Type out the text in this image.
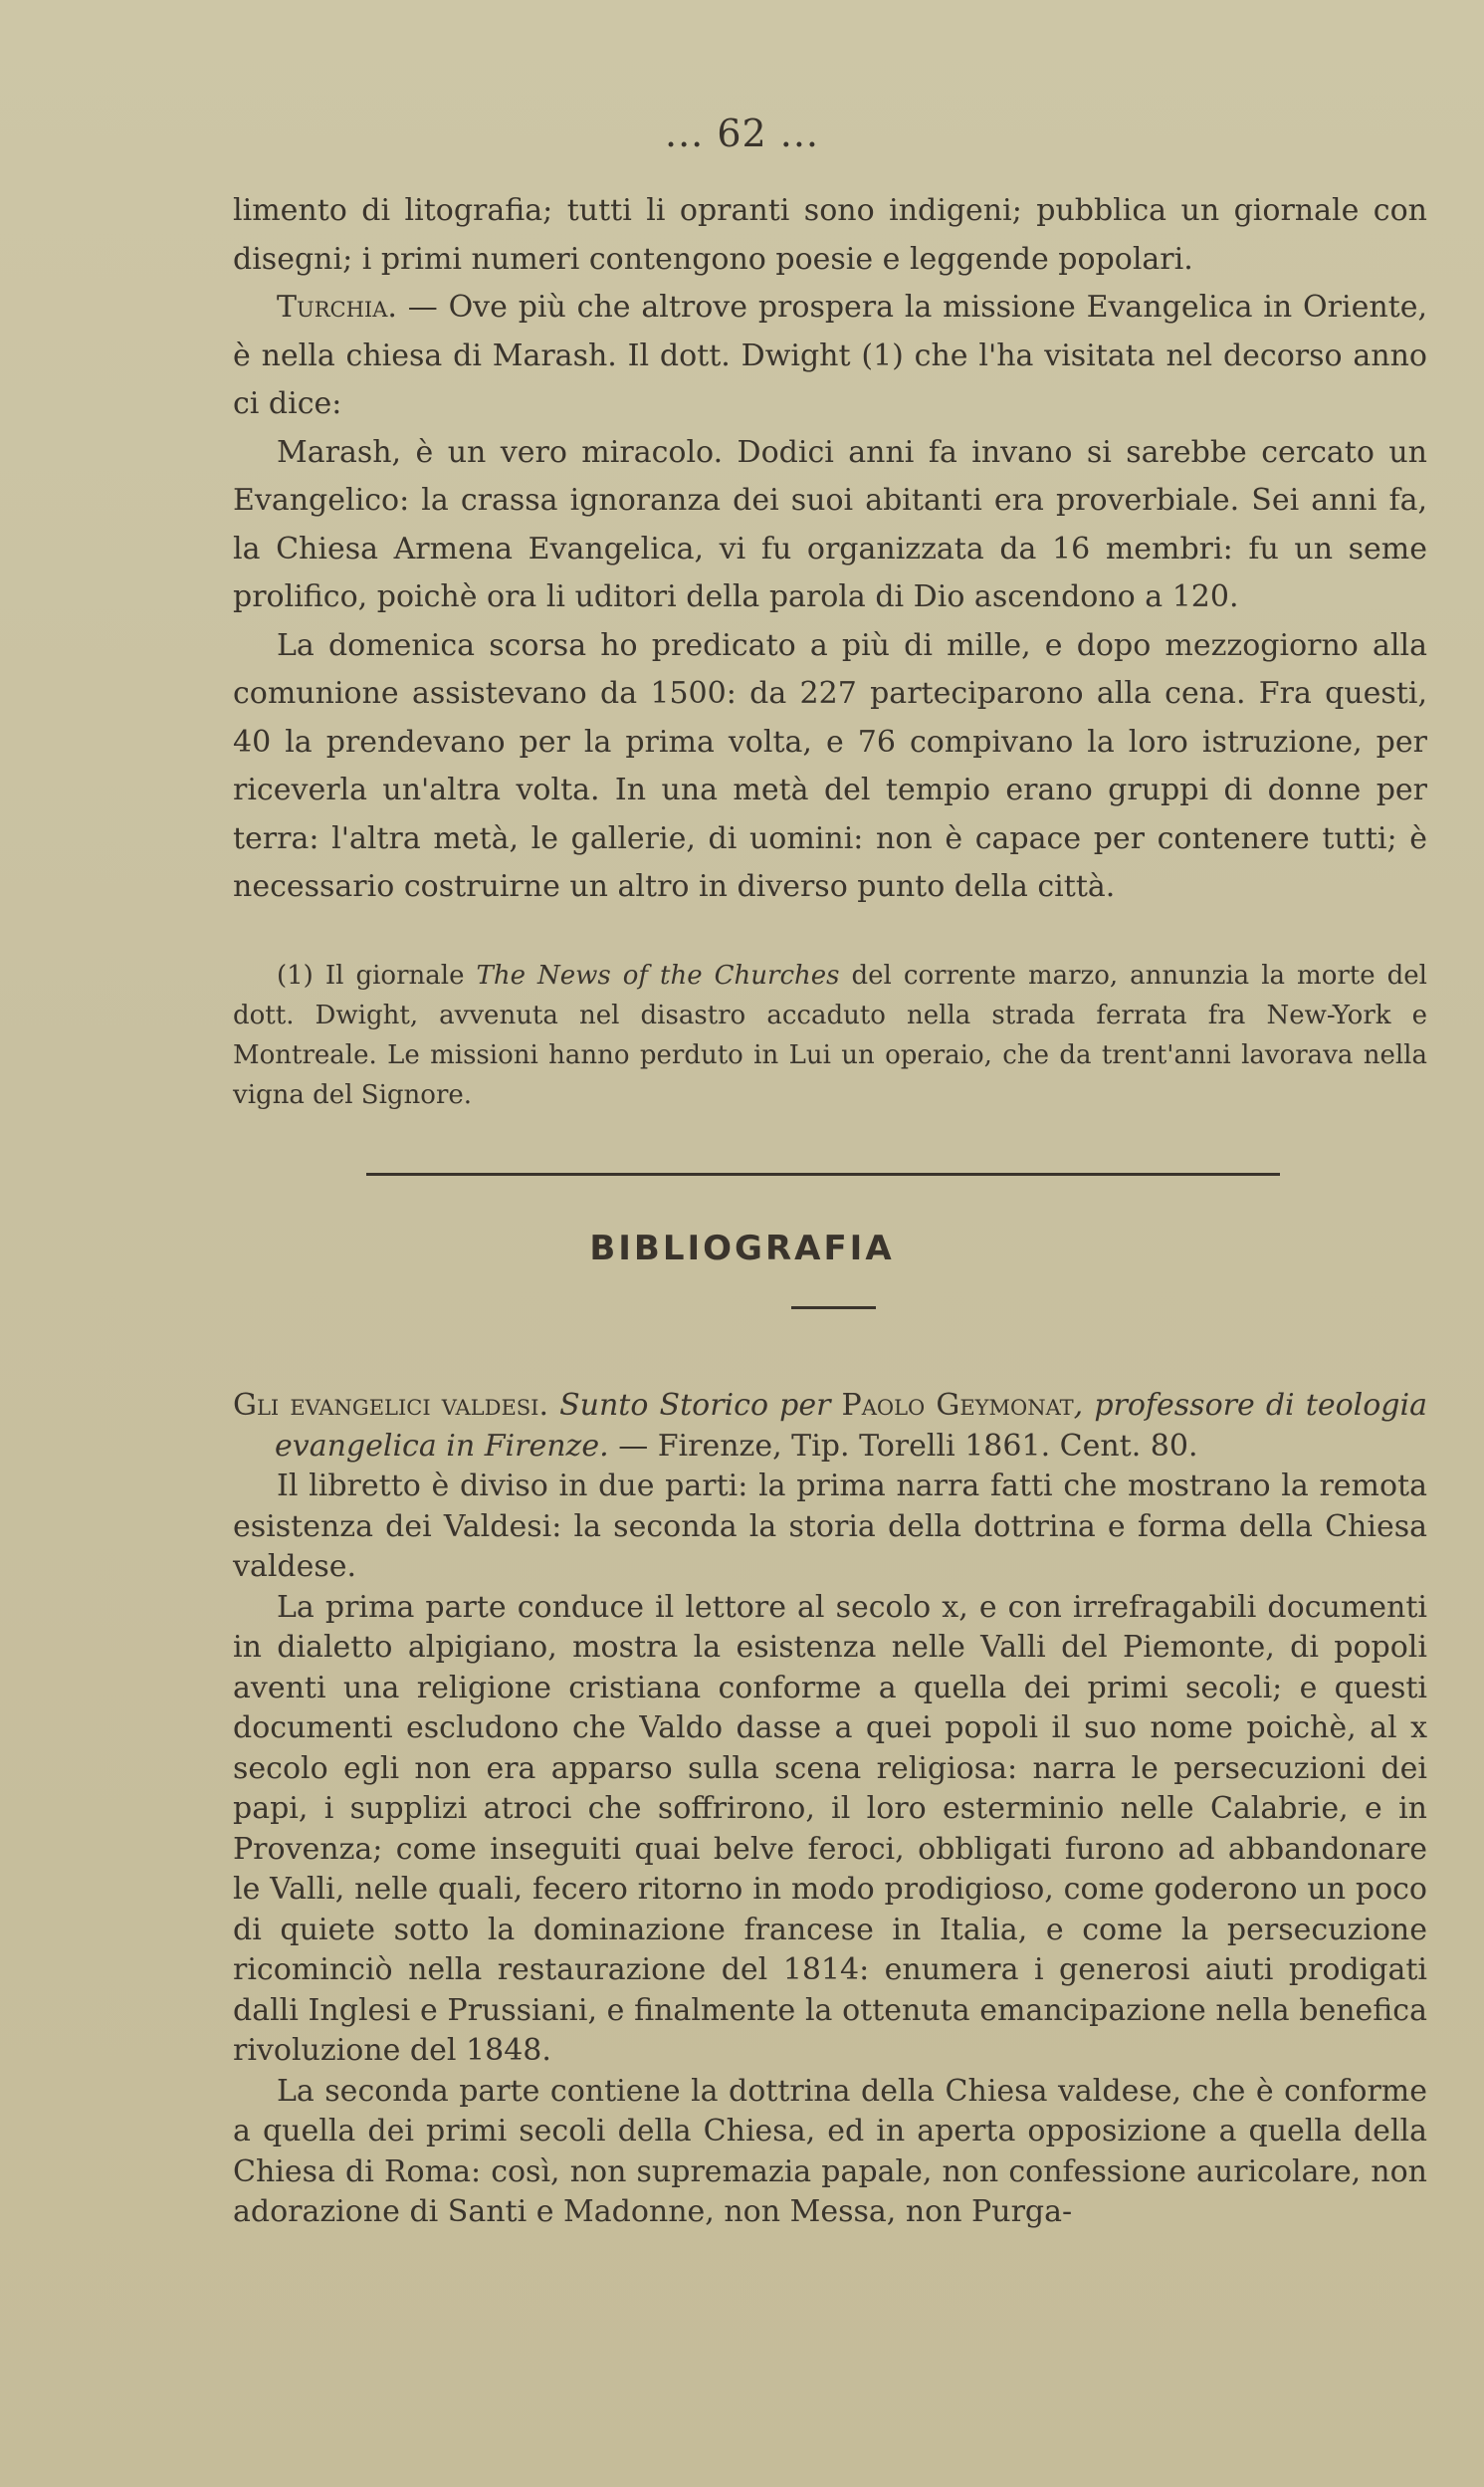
... 62 ...

limento di litografia; tutti li opranti sono indigeni; pubblica un giornale con disegni; i primi numeri contengono poesie e leggende popolari.

Turchia. — Ove più che altrove prospera la missione Evangelica in Oriente, è nella chiesa di Marash. Il dott. Dwight (1) che l'ha visitata nel decorso anno ci dice:

Marash, è un vero miracolo. Dodici anni fa invano si sarebbe cercato un Evangelico: la crassa ignoranza dei suoi abitanti era proverbiale. Sei anni fa, la Chiesa Armena Evangelica, vi fu organizzata da 16 membri: fu un seme prolifico, poichè ora li uditori della parola di Dio ascendono a 120.

La domenica scorsa ho predicato a più di mille, e dopo mezzogiorno alla comunione assistevano da 1500: da 227 parteciparono alla cena. Fra questi, 40 la prendevano per la prima volta, e 76 compivano la loro istruzione, per riceverla un'altra volta. In una metà del tempio erano gruppi di donne per terra: l'altra metà, le gallerie, di uomini: non è capace per contenere tutti; è necessario costruirne un altro in diverso punto della città.

(1) Il giornale The News of the Churches del corrente marzo, annunzia la morte del dott. Dwight, avvenuta nel disastro accaduto nella strada ferrata fra New-York e Montreale. Le missioni hanno perduto in Lui un operaio, che da trent'anni lavorava nella vigna del Signore.

BIBLIOGRAFIA

Gli evangelici valdesi. Sunto Storico per Paolo Geymonat, professore di teologia evangelica in Firenze. — Firenze, Tip. Torelli 1861. Cent. 80.

Il libretto è diviso in due parti: la prima narra fatti che mostrano la remota esistenza dei Valdesi: la seconda la storia della dottrina e forma della Chiesa valdese.

La prima parte conduce il lettore al secolo x, e con irrefragabili documenti in dialetto alpigiano, mostra la esistenza nelle Valli del Piemonte, di popoli aventi una religione cristiana conforme a quella dei primi secoli; e questi documenti escludono che Valdo dasse a quei popoli il suo nome poichè, al x secolo egli non era apparso sulla scena religiosa: narra le persecuzioni dei papi, i supplizi atroci che soffrirono, il loro esterminio nelle Calabrie, e in Provenza; come inseguiti quai belve feroci, obbligati furono ad abbandonare le Valli, nelle quali, fecero ritorno in modo prodigioso, come goderono un poco di quiete sotto la dominazione francese in Italia, e come la persecuzione ricominciò nella restaurazione del 1814: enumera i generosi aiuti prodigati dalli Inglesi e Prussiani, e finalmente la ottenuta emancipazione nella benefica rivoluzione del 1848.

La seconda parte contiene la dottrina della Chiesa valdese, che è conforme a quella dei primi secoli della Chiesa, ed in aperta opposizione a quella della Chiesa di Roma: così, non supremazia papale, non confessione auricolare, non adorazione di Santi e Madonne, non Messa, non Purga-
